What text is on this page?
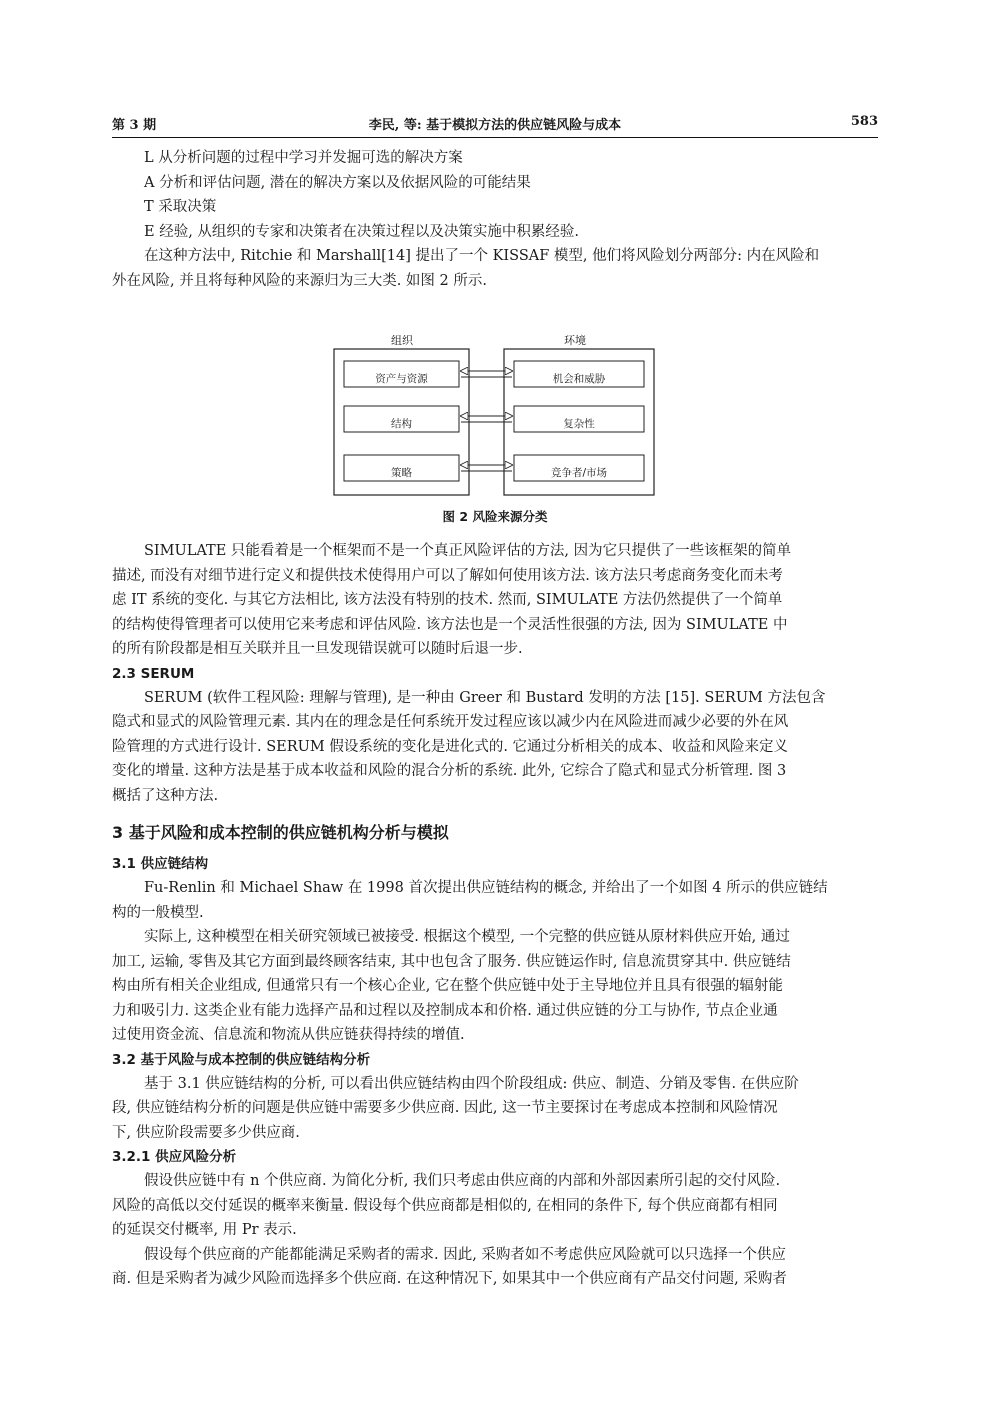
第 3 期	李民, 等: 基于模拟方法的供应链风险与成本	583
L 从分析问题的过程中学习并发掘可选的解决方案
A 分析和评估问题, 潜在的解决方案以及依据风险的可能结果
T 采取决策
E 经验, 从组织的专家和决策者在决策过程以及决策实施中积累经验.
在这种方法中, Ritchie 和 Marshall[14] 提出了一个 KISSAF 模型, 他们将风险划分两部分: 内在风险和
外在风险, 并且将每种风险的来源归为三大类. 如图 2 所示.
组织	环境
资产与资源
结构
策略
机会和威胁
复杂性
竞争者/市场
图 2 风险来源分类
SIMULATE 只能看着是一个框架而不是一个真正风险评估的方法, 因为它只提供了一些该框架的简单
描述, 而没有对细节进行定义和提供技术使得用户可以了解如何使用该方法. 该方法只考虑商务变化而未考
虑 IT 系统的变化. 与其它方法相比, 该方法没有特别的技术. 然而, SIMULATE 方法仍然提供了一个简单
的结构使得管理者可以使用它来考虑和评估风险. 该方法也是一个灵活性很强的方法, 因为 SIMULATE 中
的所有阶段都是相互关联并且一旦发现错误就可以随时后退一步.
2.3 SERUM
SERUM (软件工程风险: 理解与管理), 是一种由 Greer 和 Bustard 发明的方法 [15]. SERUM 方法包含
隐式和显式的风险管理元素. 其内在的理念是任何系统开发过程应该以减少内在风险进而减少必要的外在风
险管理的方式进行设计. SERUM 假设系统的变化是进化式的. 它通过分析相关的成本、收益和风险来定义
变化的增量. 这种方法是基于成本收益和风险的混合分析的系统. 此外, 它综合了隐式和显式分析管理. 图 3
概括了这种方法.
3 基于风险和成本控制的供应链机构分析与模拟
3.1 供应链结构
Fu-Renlin 和 Michael Shaw 在 1998 首次提出供应链结构的概念, 并给出了一个如图 4 所示的供应链结
构的一般模型.
实际上, 这种模型在相关研究领域已被接受. 根据这个模型, 一个完整的供应链从原材料供应开始, 通过
加工, 运输, 零售及其它方面到最终顾客结束, 其中也包含了服务. 供应链运作时, 信息流贯穿其中. 供应链结
构由所有相关企业组成, 但通常只有一个核心企业, 它在整个供应链中处于主导地位并且具有很强的辐射能
力和吸引力. 这类企业有能力选择产品和过程以及控制成本和价格. 通过供应链的分工与协作, 节点企业通
过使用资金流、信息流和物流从供应链获得持续的增值.
3.2 基于风险与成本控制的供应链结构分析
基于 3.1 供应链结构的分析, 可以看出供应链结构由四个阶段组成: 供应、制造、分销及零售. 在供应阶
段, 供应链结构分析的问题是供应链中需要多少供应商. 因此, 这一节主要探讨在考虑成本控制和风险情况
下, 供应阶段需要多少供应商.
3.2.1 供应风险分析
假设供应链中有 n 个供应商. 为简化分析, 我们只考虑由供应商的内部和外部因素所引起的交付风险.
风险的高低以交付延误的概率来衡量. 假设每个供应商都是相似的, 在相同的条件下, 每个供应商都有相同
的延误交付概率, 用 Pr 表示.
假设每个供应商的产能都能满足采购者的需求. 因此, 采购者如不考虑供应风险就可以只选择一个供应
商. 但是采购者为减少风险而选择多个供应商. 在这种情况下, 如果其中一个供应商有产品交付问题, 采购者
